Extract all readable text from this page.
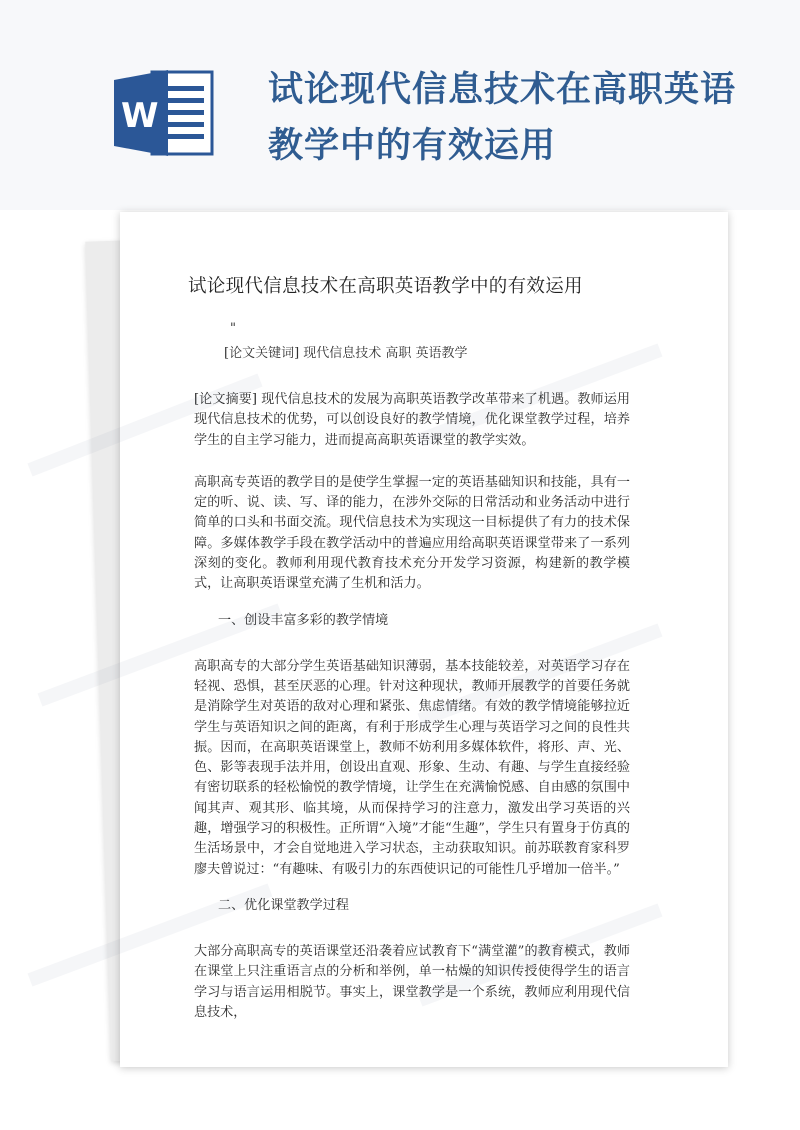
W
试论现代信息技术在高职英语
教学中的有效运用
试论现代信息技术在高职英语教学中的有效运用
"
[论文关键词] 现代信息技术 高职 英语教学

[论文摘要] 现代信息技术的发展为高职英语教学改革带来了机遇。教师运用现代信息技术的优势，可以创设良好的教学情境，优化课堂教学过程，培养学生的自主学习能力，进而提高高职英语课堂的教学实效。

高职高专英语的教学目的是使学生掌握一定的英语基础知识和技能，具有一定的听、说、读、写、译的能力，在涉外交际的日常活动和业务活动中进行简单的口头和书面交流。现代信息技术为实现这一目标提供了有力的技术保障。多媒体教学手段在教学活动中的普遍应用给高职英语课堂带来了一系列深刻的变化。教师利用现代教育技术充分开发学习资源，构建新的教学模式，让高职英语课堂充满了生机和活力。

一、创设丰富多彩的教学情境

高职高专的大部分学生英语基础知识薄弱，基本技能较差，对英语学习存在轻视、恐惧，甚至厌恶的心理。针对这种现状，教师开展教学的首要任务就是消除学生对英语的敌对心理和紧张、焦虑情绪。有效的教学情境能够拉近学生与英语知识之间的距离，有利于形成学生心理与英语学习之间的良性共振。因而，在高职英语课堂上，教师不妨利用多媒体软件，将形、声、光、色、影等表现手法并用，创设出直观、形象、生动、有趣、与学生直接经验有密切联系的轻松愉悦的教学情境，让学生在充满愉悦感、自由感的氛围中闻其声、观其形、临其境，从而保持学习的注意力，激发出学习英语的兴趣，增强学习的积极性。正所谓“入境”才能“生趣”，学生只有置身于仿真的生活场景中，才会自觉地进入学习状态，主动获取知识。前苏联教育家科罗廖夫曾说过：“有趣味、有吸引力的东西使识记的可能性几乎增加一倍半。”

二、优化课堂教学过程

大部分高职高专的英语课堂还沿袭着应试教育下“满堂灌”的教育模式，教师在课堂上只注重语言点的分析和举例，单一枯燥的知识传授使得学生的语言学习与语言运用相脱节。事实上，课堂教学是一个系统，教师应利用现代信息技术，
